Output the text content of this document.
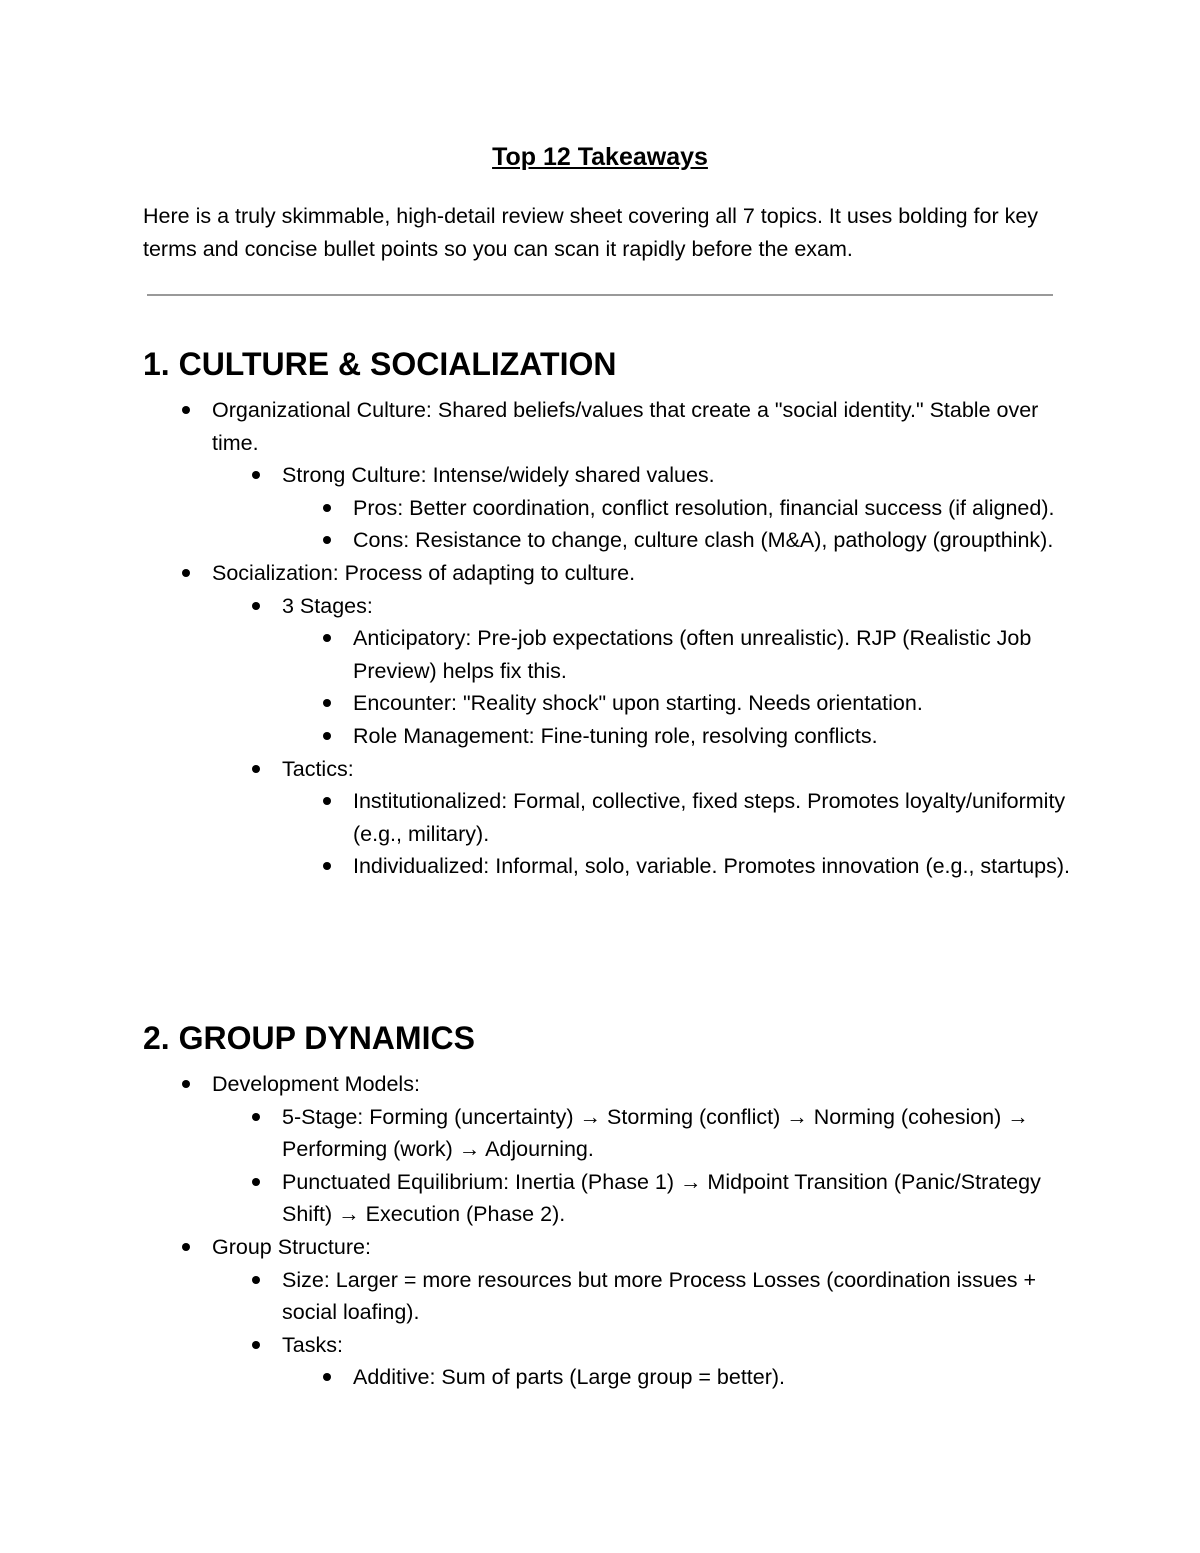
Top 12 Takeaways
Here is a truly skimmable, high-detail review sheet covering all 7 topics. It uses bolding for key terms and concise bullet points so you can scan it rapidly before the exam.
1. CULTURE & SOCIALIZATION
Organizational Culture: Shared beliefs/values that create a "social identity." Stable over time.
Strong Culture: Intense/widely shared values.
Pros: Better coordination, conflict resolution, financial success (if aligned).
Cons: Resistance to change, culture clash (M&A), pathology (groupthink).
Socialization: Process of adapting to culture.
3 Stages:
Anticipatory: Pre-job expectations (often unrealistic). RJP (Realistic Job Preview) helps fix this.
Encounter: "Reality shock" upon starting. Needs orientation.
Role Management: Fine-tuning role, resolving conflicts.
Tactics:
Institutionalized: Formal, collective, fixed steps. Promotes loyalty/uniformity (e.g., military).
Individualized: Informal, solo, variable. Promotes innovation (e.g., startups).
2. GROUP DYNAMICS
Development Models:
5-Stage: Forming (uncertainty) → Storming (conflict) → Norming (cohesion) → Performing (work) → Adjourning.
Punctuated Equilibrium: Inertia (Phase 1) → Midpoint Transition (Panic/Strategy Shift) → Execution (Phase 2).
Group Structure:
Size: Larger = more resources but more Process Losses (coordination issues + social loafing).
Tasks:
Additive: Sum of parts (Large group = better).
